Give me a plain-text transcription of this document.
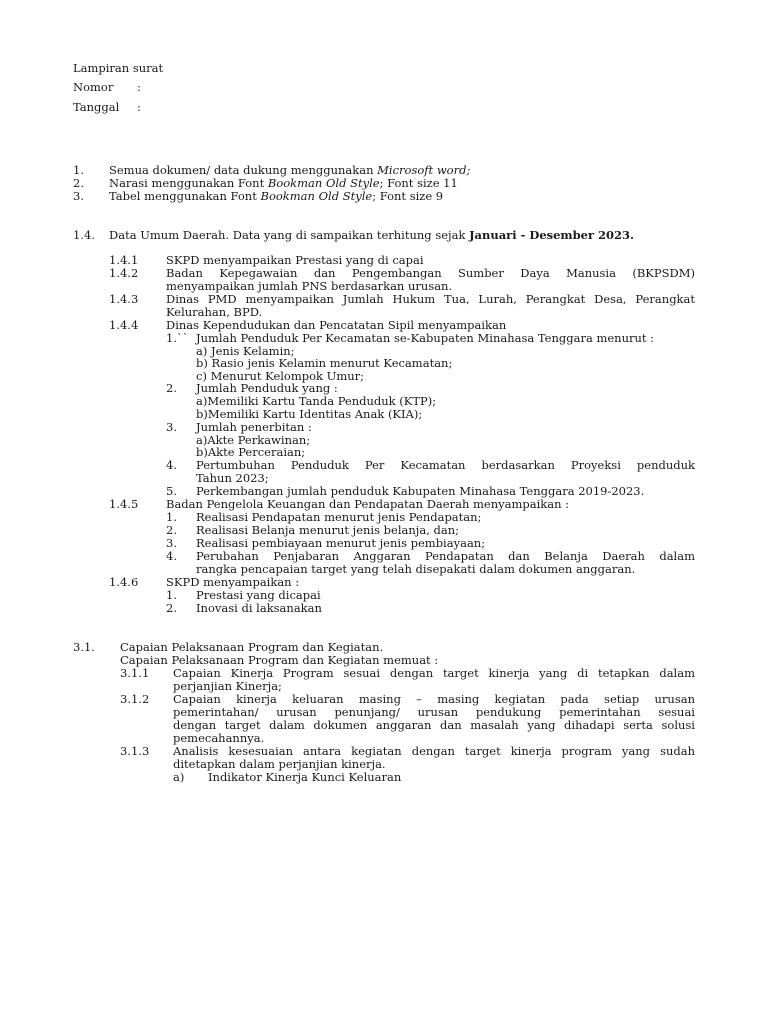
Lampiran surat
Nomor :
Tanggal :
1. Semua dokumen/ data dukung menggunakan Microsoft word;
2. Narasi menggunakan Font Bookman Old Style; Font size 11
3. Tabel menggunakan Font Bookman Old Style; Font size 9
1.4. Data Umum Daerah. Data yang di sampaikan terhitung sejak Januari - Desember 2023.
1.4.1 SKPD menyampaikan Prestasi yang di capai
1.4.2 Badan Kepegawaian dan Pengembangan Sumber Daya Manusia (BKPSDM)
menyampaikan jumlah PNS berdasarkan urusan.
1.4.3 Dinas PMD menyampaikan Jumlah Hukum Tua, Lurah, Perangkat Desa, Perangkat
Kelurahan, BPD.
1.4.4 Dinas Kependudukan dan Pencatatan Sipil menyampaikan
1.`` Jumlah Penduduk Per Kecamatan se-Kabupaten Minahasa Tenggara menurut :
a) Jenis Kelamin;
b) Rasio jenis Kelamin menurut Kecamatan;
c) Menurut Kelompok Umur;
2. Jumlah Penduduk yang :
a)Memiliki Kartu Tanda Penduduk (KTP);
b)Memiliki Kartu Identitas Anak (KIA);
3. Jumlah penerbitan :
a)Akte Perkawinan;
b)Akte Perceraian;
4. Pertumbuhan Penduduk Per Kecamatan berdasarkan Proyeksi penduduk
Tahun 2023;
5. Perkembangan jumlah penduduk Kabupaten Minahasa Tenggara 2019-2023.
1.4.5 Badan Pengelola Keuangan dan Pendapatan Daerah menyampaikan :
1. Realisasi Pendapatan menurut jenis Pendapatan;
2. Realisasi Belanja menurut jenis belanja, dan;
3. Realisasi pembiayaan menurut jenis pembiayaan;
4. Perubahan Penjabaran Anggaran Pendapatan dan Belanja Daerah dalam
rangka pencapaian target yang telah disepakati dalam dokumen anggaran.
1.4.6 SKPD menyampaikan :
1. Prestasi yang dicapai
2. Inovasi di laksanakan
3.1. Capaian Pelaksanaan Program dan Kegiatan.
Capaian Pelaksanaan Program dan Kegiatan memuat :
3.1.1 Capaian Kinerja Program sesuai dengan target kinerja yang di tetapkan dalam
perjanjian Kinerja;
3.1.2 Capaian kinerja keluaran masing – masing kegiatan pada setiap urusan
pemerintahan/ urusan penunjang/ urusan pendukung pemerintahan sesuai
dengan target dalam dokumen anggaran dan masalah yang dihadapi serta solusi
pemecahannya.
3.1.3 Analisis kesesuaian antara kegiatan dengan target kinerja program yang sudah
ditetapkan dalam perjanjian kinerja.
a) Indikator Kinerja Kunci Keluaran
